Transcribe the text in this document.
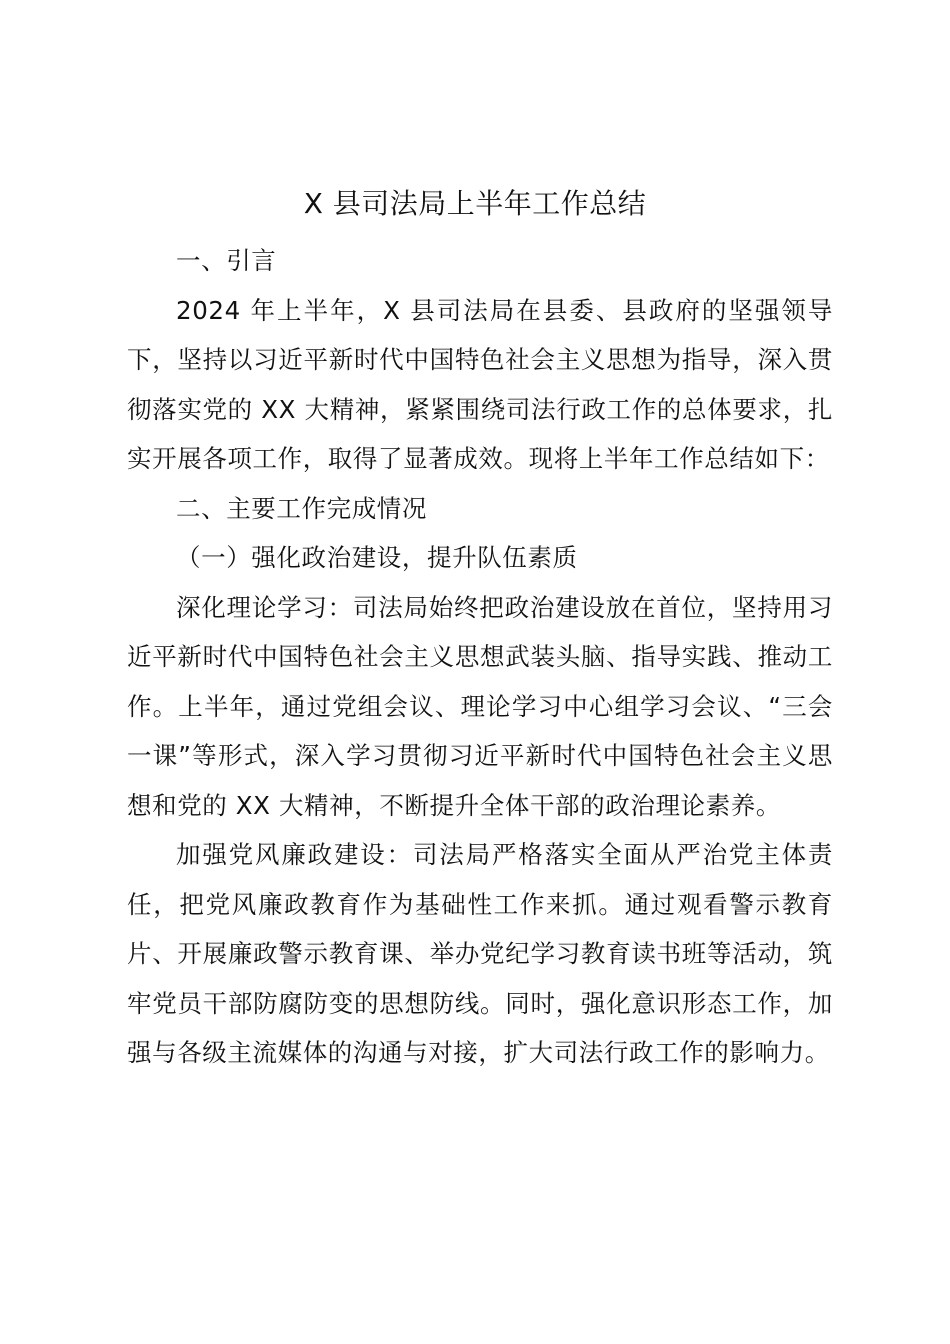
X 县司法局上半年工作总结

一、引言

2024 年上半年，X 县司法局在县委、县政府的坚强领导下，坚持以习近平新时代中国特色社会主义思想为指导，深入贯彻落实党的 XX 大精神，紧紧围绕司法行政工作的总体要求，扎实开展各项工作，取得了显著成效。现将上半年工作总结如下：

二、主要工作完成情况

（一）强化政治建设，提升队伍素质

深化理论学习：司法局始终把政治建设放在首位，坚持用习近平新时代中国特色社会主义思想武装头脑、指导实践、推动工作。上半年，通过党组会议、理论学习中心组学习会议、“三会一课”等形式，深入学习贯彻习近平新时代中国特色社会主义思想和党的 XX 大精神，不断提升全体干部的政治理论素养。

加强党风廉政建设：司法局严格落实全面从严治党主体责任，把党风廉政教育作为基础性工作来抓。通过观看警示教育片、开展廉政警示教育课、举办党纪学习教育读书班等活动，筑牢党员干部防腐防变的思想防线。同时，强化意识形态工作，加强与各级主流媒体的沟通与对接，扩大司法行政工作的影响力。
